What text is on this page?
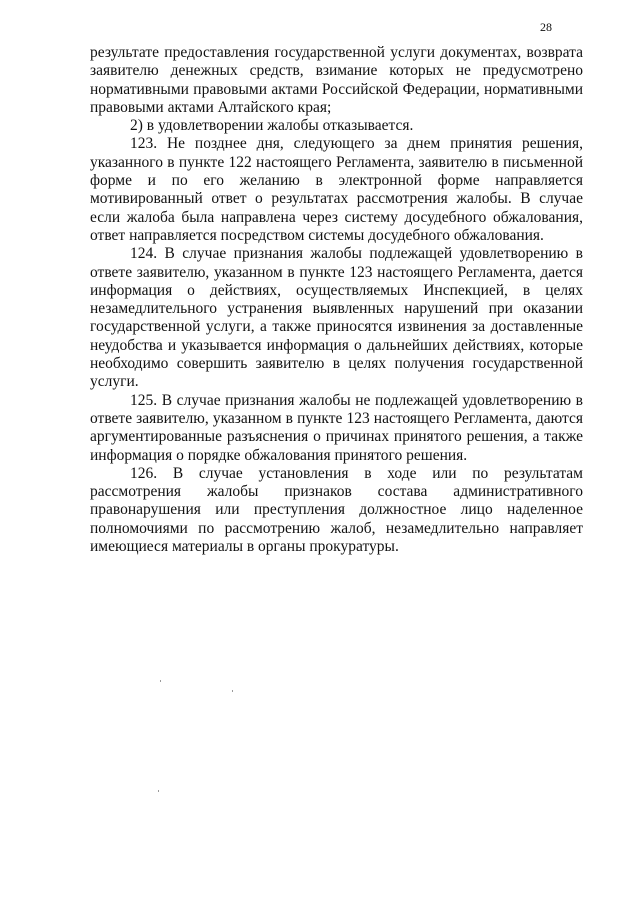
28

результате предоставления государственной услуги документах, возврата заявителю денежных средств, взимание которых не предусмотрено нормативными правовыми актами Российской Федерации, нормативными правовыми актами Алтайского края;

2) в удовлетворении жалобы отказывается.

123. Не позднее дня, следующего за днем принятия решения, указанного в пункте 122 настоящего Регламента, заявителю в письменной форме и по его желанию в электронной форме направляется мотивированный ответ о результатах рассмотрения жалобы. В случае если жалоба была направлена через систему досудебного обжалования, ответ направляется посредством системы досудебного обжалования.

124. В случае признания жалобы подлежащей удовлетворению в ответе заявителю, указанном в пункте 123 настоящего Регламента, дается информация о действиях, осуществляемых Инспекцией, в целях незамедлительного устранения выявленных нарушений при оказании государственной услуги, а также приносятся извинения за доставленные неудобства и указывается информация о дальнейших действиях, которые необходимо совершить заявителю в целях получения государственной услуги.

125. В случае признания жалобы не подлежащей удовлетворению в ответе заявителю, указанном в пункте 123 настоящего Регламента, даются аргументированные разъяснения о причинах принятого решения, а также информация о порядке обжалования принятого решения.

126. В случае установления в ходе или по результатам рассмотрения жалобы признаков состава административного правонарушения или преступления должностное лицо наделенное полномочиями по рассмотрению жалоб, незамедлительно направляет имеющиеся материалы в органы прокуратуры.
